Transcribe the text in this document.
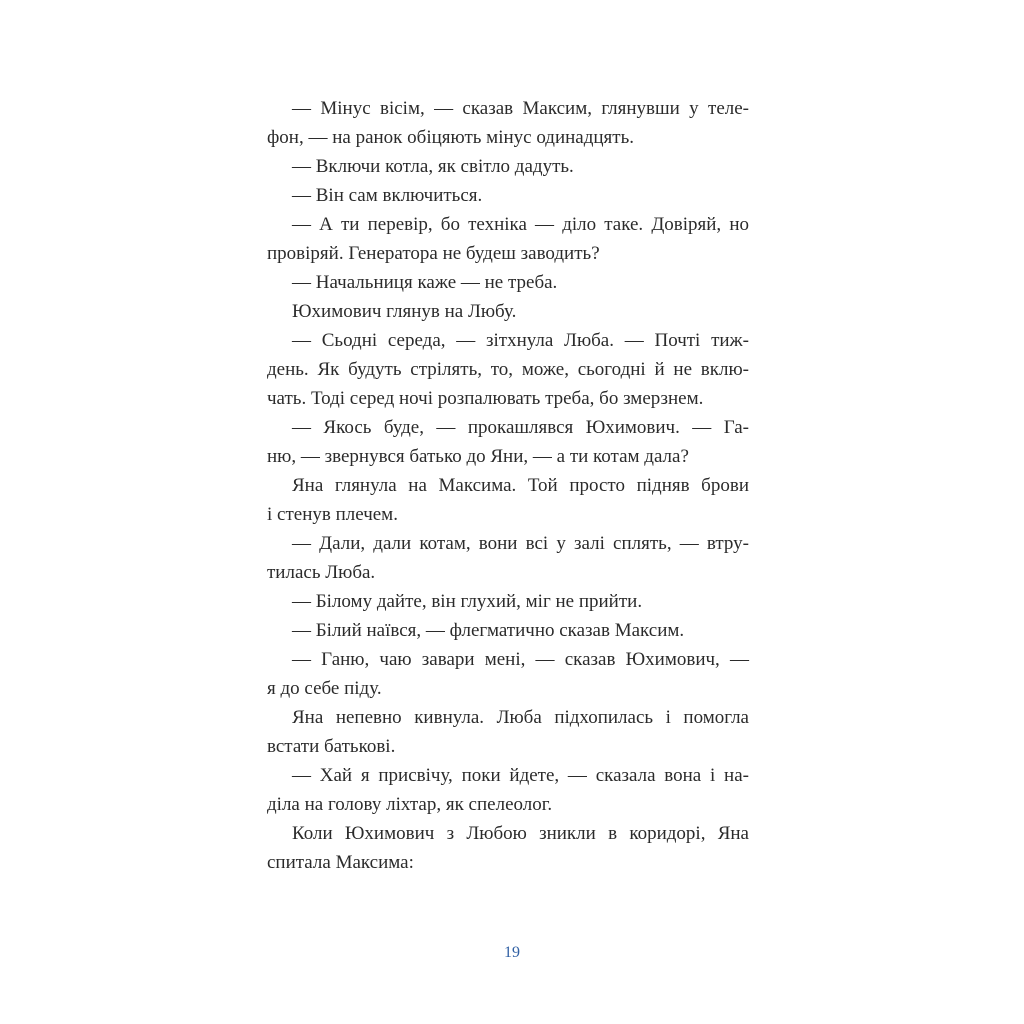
— Мінус вісім, — сказав Максим, глянувши у теле-
фон, — на ранок обіцяють мінус одинадцять.
— Включи котла, як світло дадуть.
— Він сам включиться.
— А ти перевір, бо техніка — діло таке. Довіряй, но
провіряй. Генератора не будеш заводить?
— Начальниця каже — не треба.
Юхимович глянув на Любу.
— Сьодні середа, — зітхнула Люба. — Почті тиж-
день. Як будуть стрілять, то, може, сьогодні й не вклю-
чать. Тоді серед ночі розпалювать треба, бо змерзнем.
— Якось буде, — прокашлявся Юхимович. — Га-
ню, — звернувся батько до Яни, — а ти котам дала?
Яна глянула на Максима. Той просто підняв брови
і стенув плечем.
— Дали, дали котам, вони всі у залі сплять, — втру-
тилась Люба.
— Білому дайте, він глухий, міг не прийти.
— Білий наївся, — флегматично сказав Максим.
— Ганю, чаю завари мені, — сказав Юхимович, —
я до себе піду.
Яна непевно кивнула. Люба підхопилась і помогла
встати батькові.
— Хай я присвічу, поки йдете, — сказала вона і на-
діла на голову ліхтар, як спелеолог.
Коли Юхимович з Любою зникли в коридорі, Яна
спитала Максима:
19
